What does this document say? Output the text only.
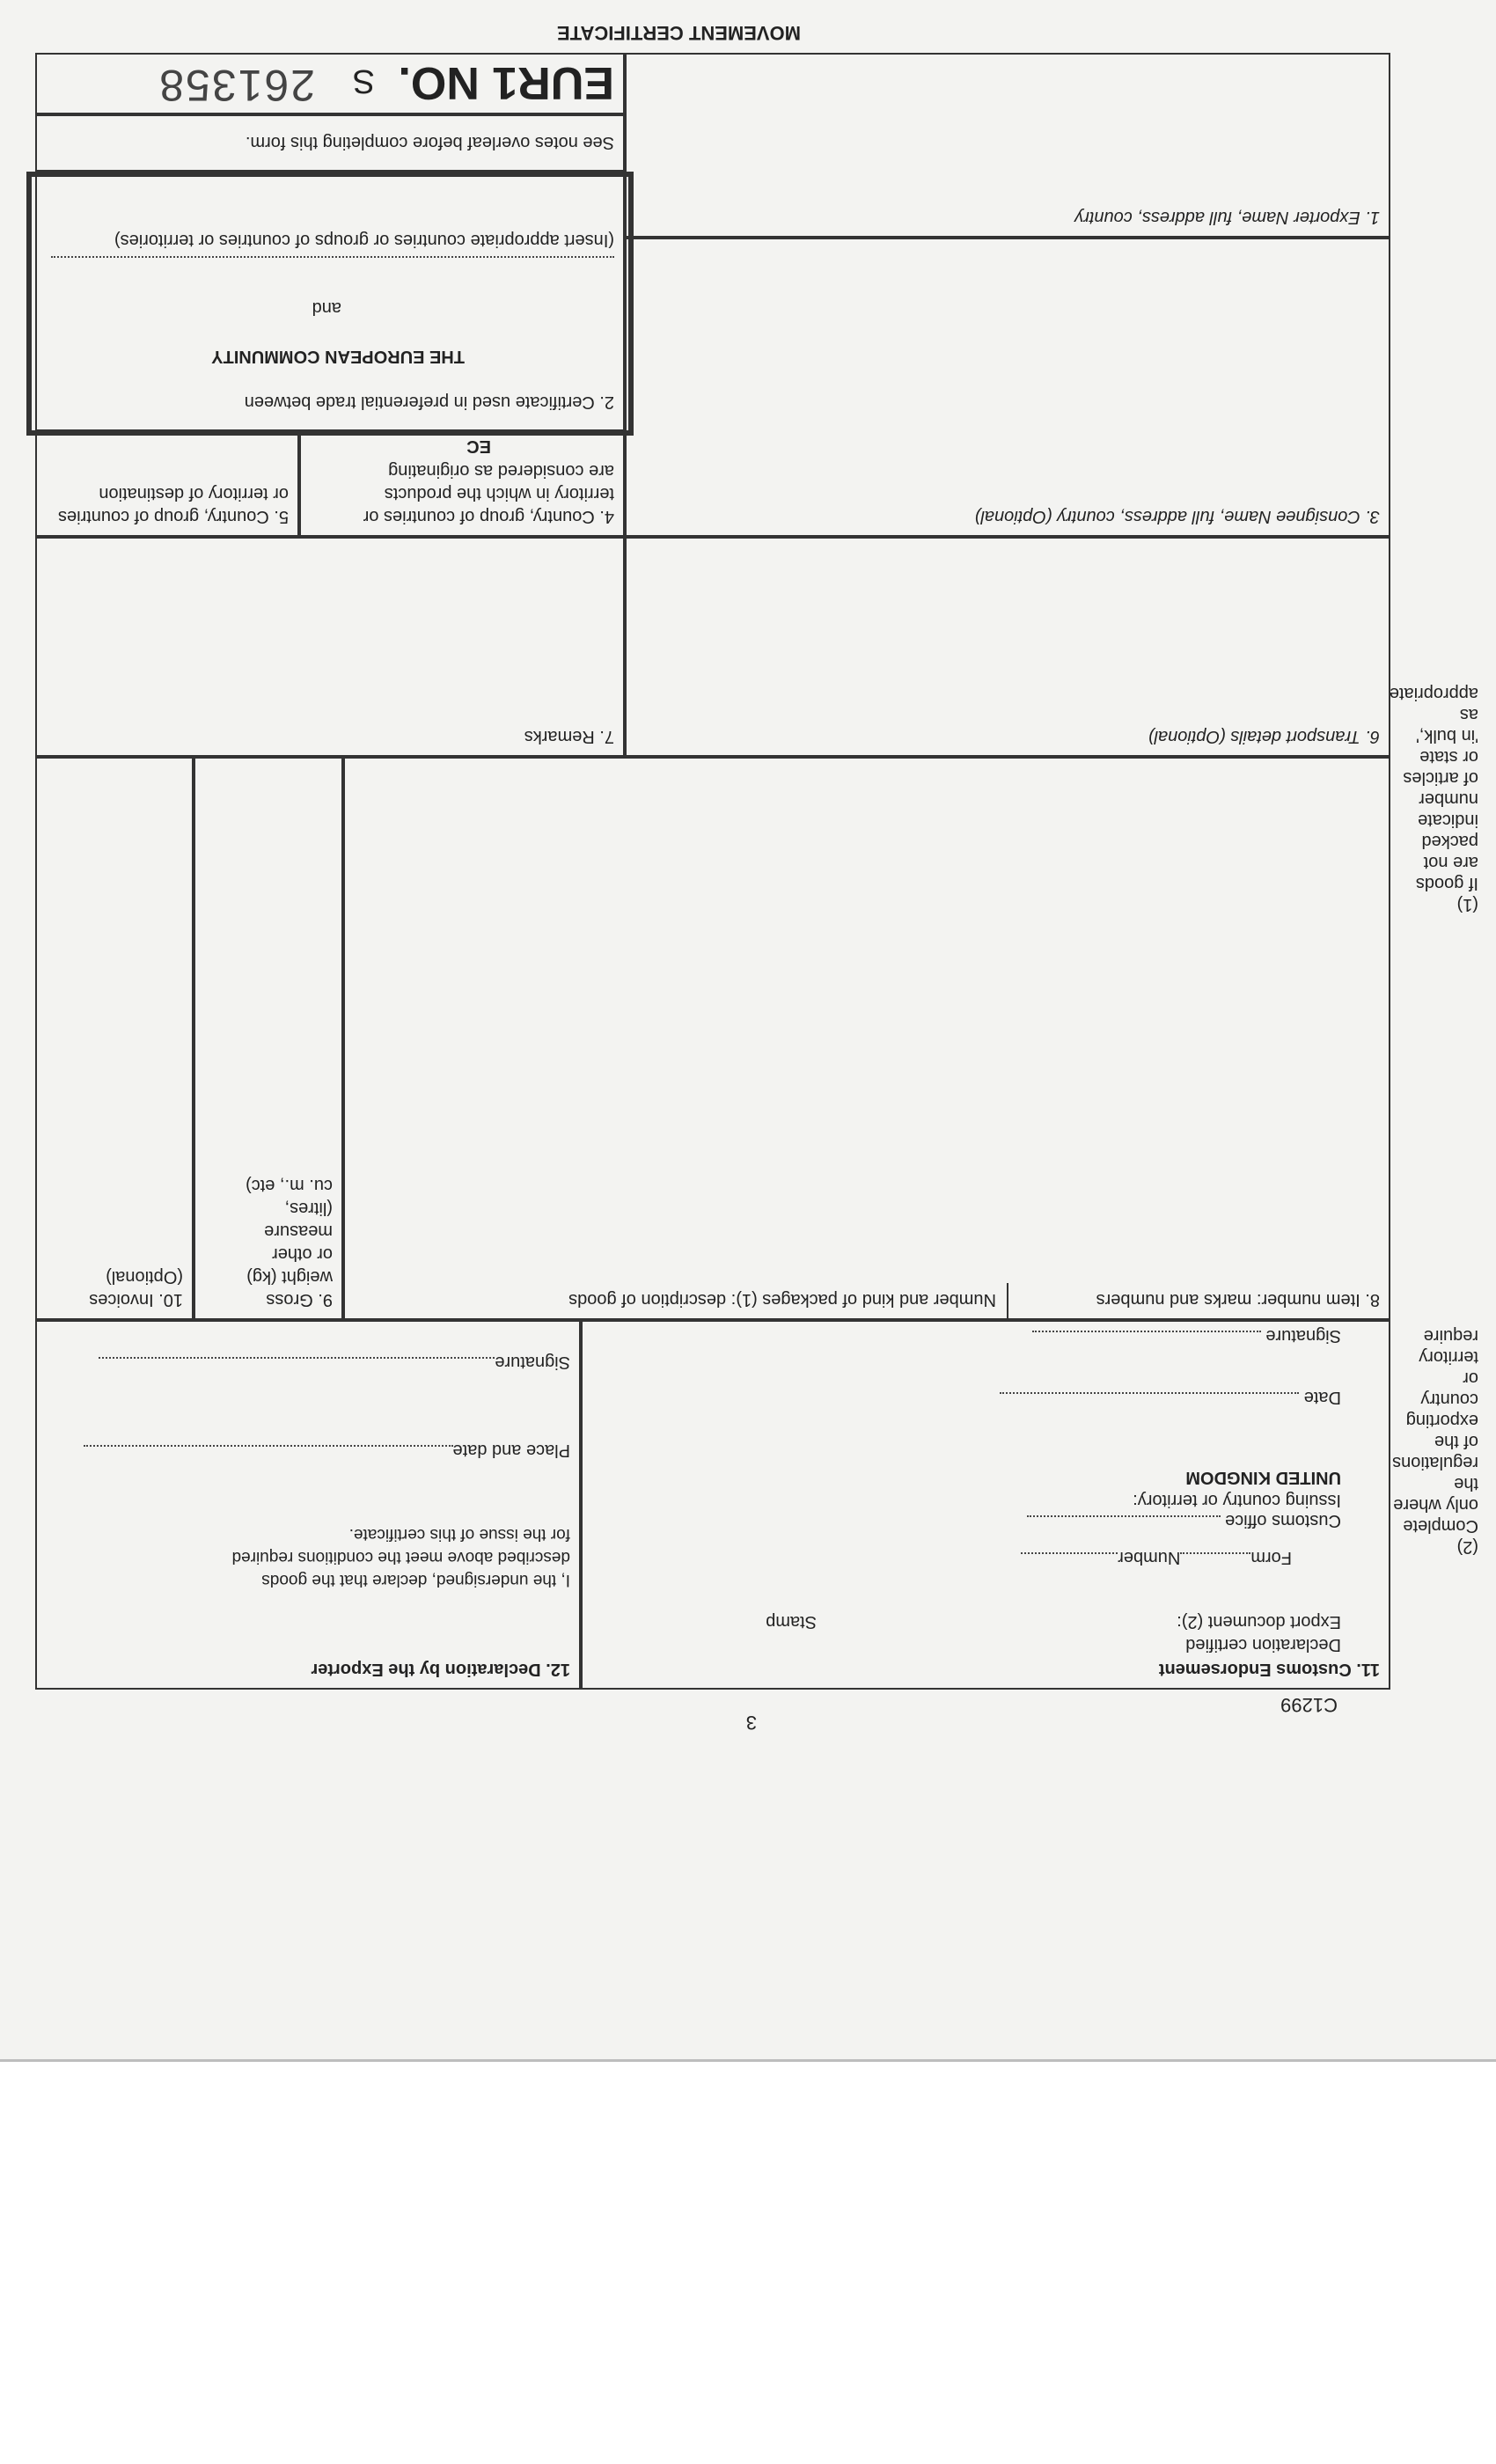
MOVEMENT CERTIFICATE
1. Exporter Name, full address, country
EUR1 NO.
S
261358
See notes overleaf before completing this form.
2. Certificate used in preferential trade between
THE EUROPEAN COMMUNITY
and
(Insert appropriate countries or groups of countries or territories)
3. Consignee Name, full address, country (Optional)
4. Country, group of countries or
territory in which the products
are considered as originating
EC
5. Country, group of countries
or territory of destination
6. Transport details (Optional)
7. Remarks
8. Item number: marks and numbers
Number and kind of packages (1): description of goods
9. Gross
weight (kg)
or other
measure
(litres,
cu. m., etc)
10. Invoices
(Optional)
11. Customs Endorsement
Declaration certified
Export document (2):
Stamp

FormNumber

Customs office

Issuing country or territory:
UNITED KINGDOM

Date

Signature

12. Declaration by the Exporter
I, the undersigned, declare that the goods
described above meet the conditions required
for the issue of this certificate.

Place and date

Signature

3
C1299
(1)
If goods
are not
packed
indicate
number
of articles
or state
'in bulk,'
as
appropriate
(2)
Complete
only where
the
regulations
of the
exporting
country
or
territory
require
